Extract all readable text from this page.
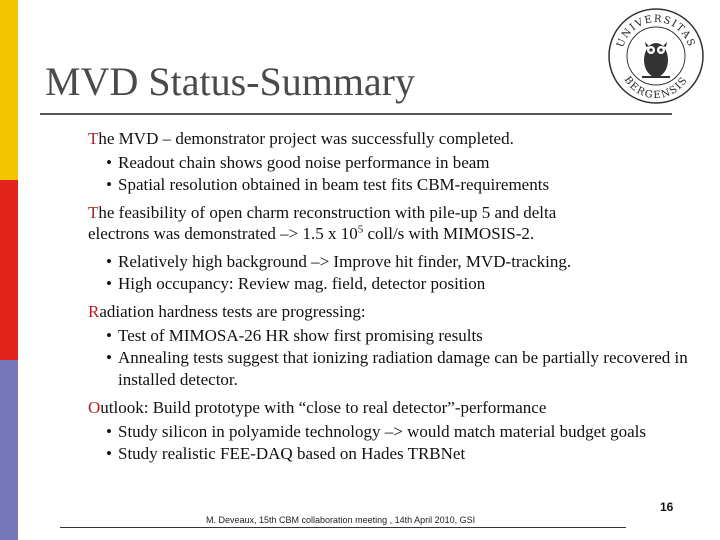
MVD Status-Summary
UNIVERSITAS
BERGENSIS

The MVD – demonstrator project was successfully completed.

• Readout chain shows good noise performance in beam

• Spatial resolution obtained in beam test fits CBM-requirements

The feasibility of open charm reconstruction with pile-up 5 and delta
electrons was demonstrated –> 1.5 x $10^5$ coll/s with MIMOSIS-2.

• Relatively high background –> Improve hit finder, MVD-tracking.

• High occupancy: Review mag. field, detector position

Radiation hardness tests are progressing:

• Test of MIMOSA-26 HR show first promising results

• Annealing tests suggest that ionizing radiation damage can be partially recovered in installed detector.

Outlook: Build prototype with “close to real detector”-performance

• Study silicon in polyamide technology –> would match material budget goals

• Study realistic FEE-DAQ based on Hades TRBNet

16
M. Deveaux, 15th CBM collaboration meeting , 14th April 2010, GSI
